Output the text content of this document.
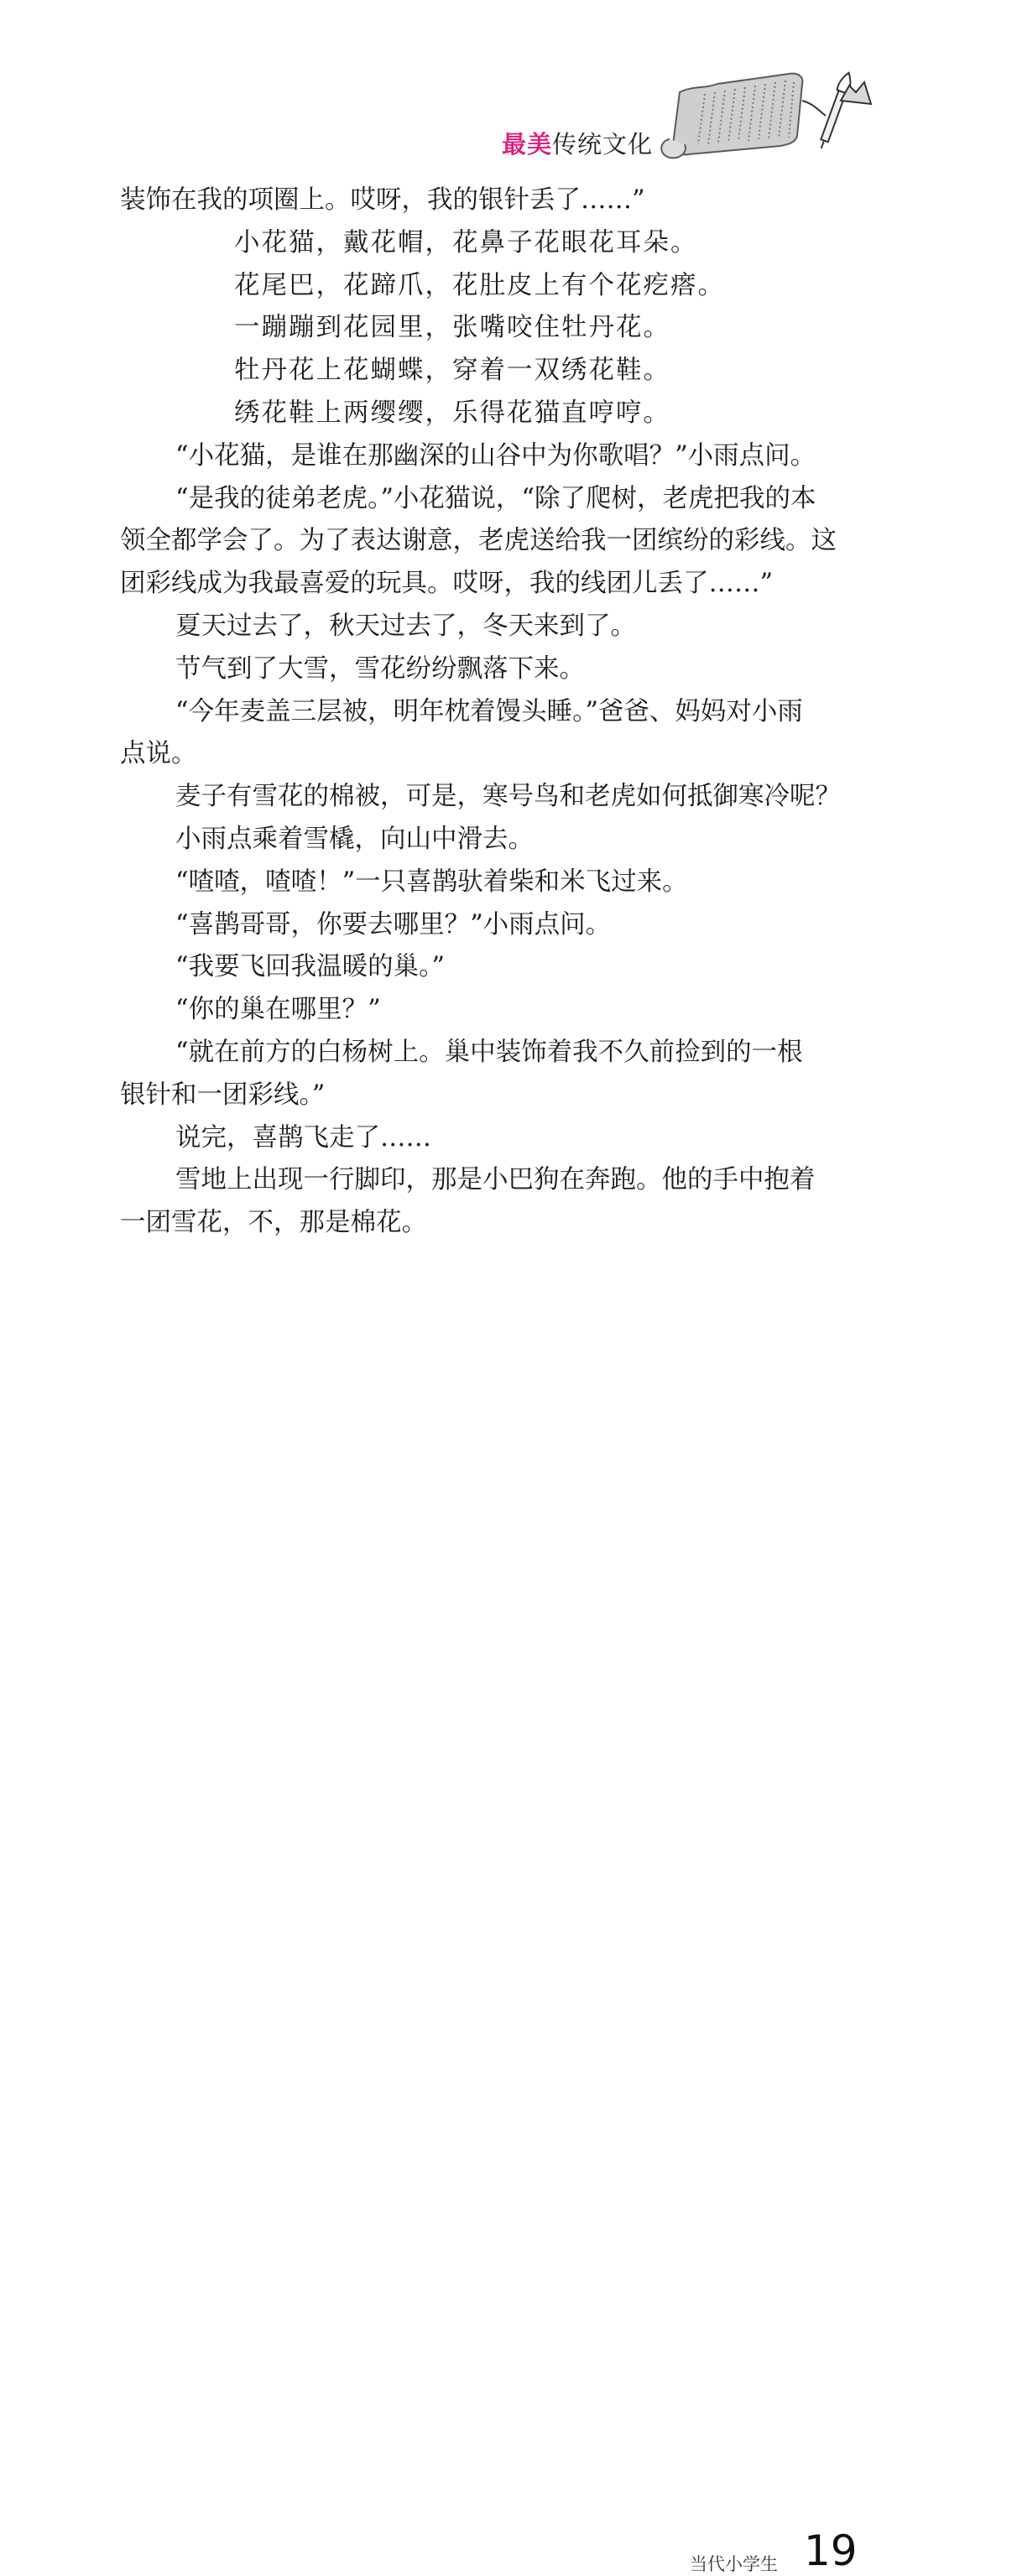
最美传统文化

装饰在我的项圈上。哎呀，我的银针丢了……”

小花猫，戴花帽，花鼻子花眼花耳朵。

花尾巴，花蹄爪，花肚皮上有个花疙瘩。

一蹦蹦到花园里，张嘴咬住牡丹花。

牡丹花上花蝴蝶，穿着一双绣花鞋。

绣花鞋上两缨缨，乐得花猫直哼哼。

“小花猫，是谁在那幽深的山谷中为你歌唱？”小雨点问。

“是我的徒弟老虎。”小花猫说，“除了爬树，老虎把我的本

领全都学会了。为了表达谢意，老虎送给我一团缤纷的彩线。这

团彩线成为我最喜爱的玩具。哎呀，我的线团儿丢了……”

夏天过去了，秋天过去了，冬天来到了。

节气到了大雪，雪花纷纷飘落下来。

“今年麦盖三层被，明年枕着馒头睡。”爸爸、妈妈对小雨

点说。

麦子有雪花的棉被，可是，寒号鸟和老虎如何抵御寒冷呢？

小雨点乘着雪橇，向山中滑去。

“喳喳，喳喳！”一只喜鹊驮着柴和米飞过来。

“喜鹊哥哥，你要去哪里？”小雨点问。

“我要飞回我温暖的巢。”

“你的巢在哪里？”

“就在前方的白杨树上。巢中装饰着我不久前捡到的一根

银针和一团彩线。”

说完，喜鹊飞走了……

雪地上出现一行脚印，那是小巴狗在奔跑。他的手中抱着

一团雪花，不，那是棉花。

当代小学生 19
